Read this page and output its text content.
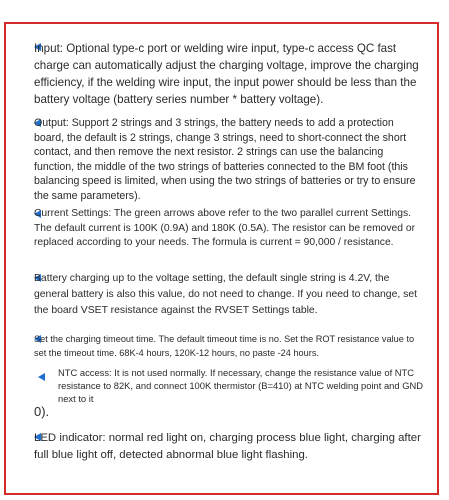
Input: Optional type-c port or welding wire input, type-c access QC fast charge can automatically adjust the charging voltage, improve the charging efficiency, if the welding wire input, the input power should be less than the battery voltage (battery series number * battery voltage).
Output: Support 2 strings and 3 strings, the battery needs to add a protection board, the default is 2 strings, change 3 strings, need to short-connect the short contact, and then remove the next resistor. 2 strings can use the balancing function, the middle of the two strings of batteries connected to the BM foot (this balancing speed is limited, when using the two strings of batteries or try to ensure the same parameters).
Current Settings: The green arrows above refer to the two parallel current Settings. The default current is 100K (0.9A) and 180K (0.5A). The resistor can be removed or replaced according to your needs. The formula is current = 90,000 / resistance.
Battery charging up to the voltage setting, the default single string is 4.2V, the general battery is also this value, do not need to change. If you need to change, set the board VSET resistance against the RVSET Settings table.
Set the charging timeout time. The default timeout time is no. Set the ROT resistance value to set the timeout time. 68K-4 hours, 120K-12 hours, no paste -24 hours.
NTC access: It is not used normally. If necessary, change the resistance value of NTC resistance to 82K, and connect 100K thermistor (B=410) at NTC welding point and GND next to it
0).
LED indicator: normal red light on, charging process blue light, charging after full blue light off, detected abnormal blue light flashing.
